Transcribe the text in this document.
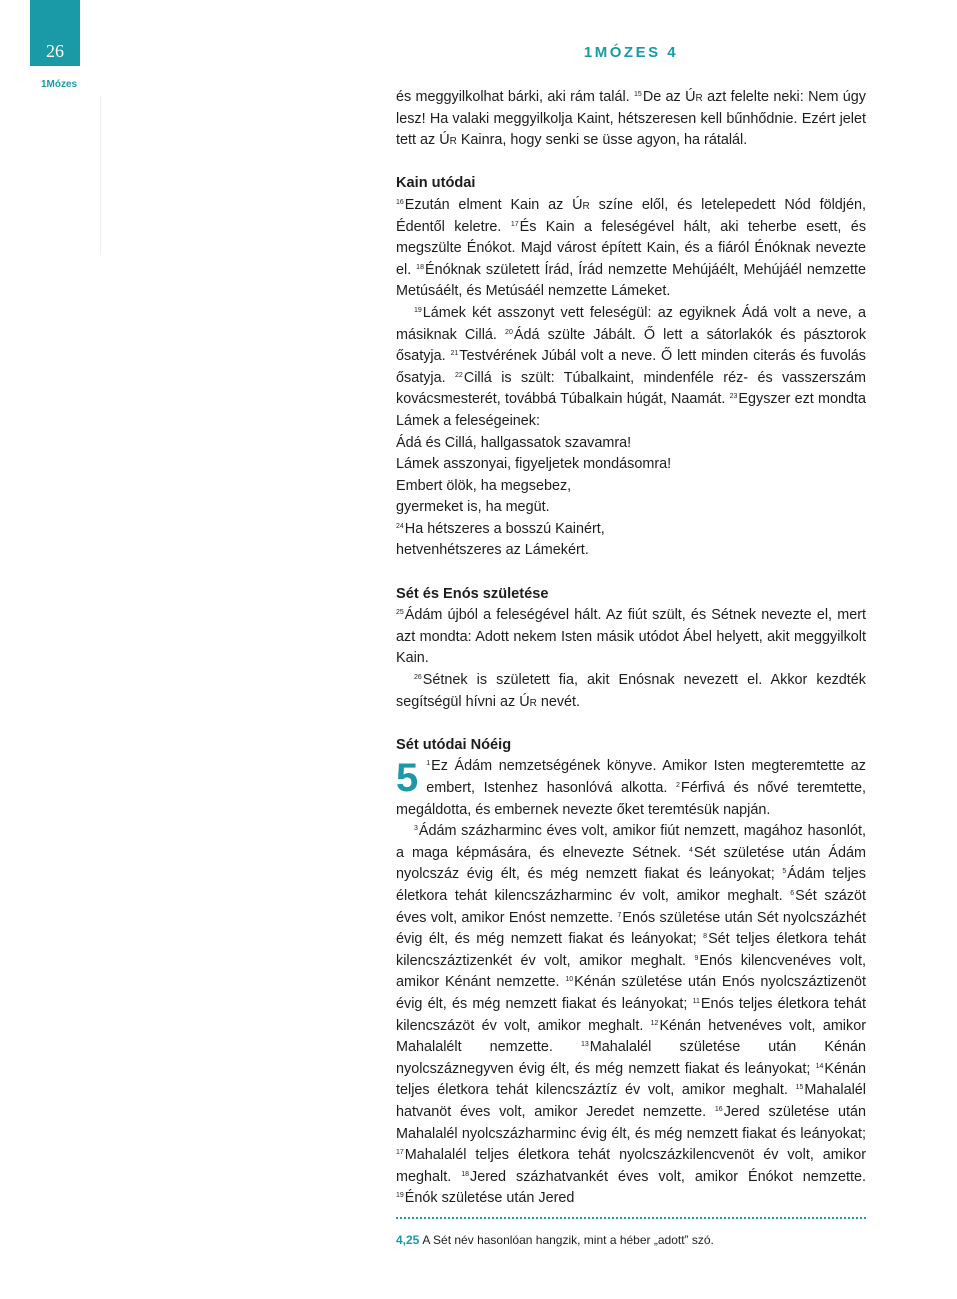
26
1Mózes
1MÓZES 4

és meggyilkolhat bárki, aki rám talál. $^{15}$De az Úr azt felelte neki: Nem úgy lesz! Ha valaki meggyilkolja Kaint, hétszeresen kell bűnhődnie. Ezért jelet tett az Úr Kainra, hogy senki se üsse agyon, ha rátalál.

Kain utódai

$^{16}$Ezután elment Kain az Úr színe elől, és letelepedett Nód földjén, Édentől keletre. $^{17}$És Kain a feleségével hált, aki teherbe esett, és megszülte Énókot. Majd várost épített Kain, és a fiáról Énóknak nevezte el. $^{18}$Énóknak született Írád, Írád nemzette Mehújáélt, Mehújáél nemzette Metúsáélt, és Metúsáél nemzette Lámeket.

$^{19}$Lámek két asszonyt vett feleségül: az egyiknek Ádá volt a neve, a másiknak Cillá. $^{20}$Ádá szülte Jábált. Ő lett a sátorlakók és pásztorok ősatyja. $^{21}$Testvérének Júbál volt a neve. Ő lett minden citerás és fuvolás ősatyja. $^{22}$Cillá is szült: Túbalkaint, mindenféle réz- és vasszerszám kovácsmesterét, továbbá Túbalkain húgát, Naamát. $^{23}$Egyszer ezt mondta Lámek a feleségeinek:

Ádá és Cillá, hallgassatok szavamra!
Lámek asszonyai, figyeljetek mondásomra!
Embert ölök, ha megsebez,
gyermeket is, ha megüt.
$^{24}$Ha hétszeres a bosszú Kainért,
hetvenhétszeres az Lámekért.
Sét és Enós születése

$^{25}$Ádám újból a feleségével hált. Az fiút szült, és Sétnek nevezte el, mert azt mondta: Adott nekem Isten másik utódot Ábel helyett, akit meggyilkolt Kain.

$^{26}$Sétnek is született fia, akit Enósnak nevezett el. Akkor kezdték segítségül hívni az Úr nevét.

Sét utódai Nóéig
5	$^1$Ez Ádám nemzetségének könyve. Amikor Isten megteremtette az embert, Istenhez hasonlóvá alkotta. $^2$Férfivá és nővé teremtette, megáldotta, és embernek nevezte őket teremtésük napján.

$^3$Ádám százharminc éves volt, amikor fiút nemzett, magához hasonlót, a maga képmására, és elnevezte Sétnek. $^4$Sét születése után Ádám nyolcszáz évig élt, és még nemzett fiakat és leányokat; $^5$Ádám teljes életkora tehát kilencszázharminc év volt, amikor meghalt. $^6$Sét százöt éves volt, amikor Enóst nemzette. $^7$Enós születése után Sét nyolcszázhét évig élt, és még nemzett fiakat és leányokat; $^8$Sét teljes életkora tehát kilencszáztizenkét év volt, amikor meghalt. $^9$Enós kilencvenéves volt, amikor Kénánt nemzette. $^{10}$Kénán születése után Enós nyolcszáztizenöt évig élt, és még nemzett fiakat és leányokat; $^{11}$Enós teljes életkora tehát kilencszázöt év volt, amikor meghalt. $^{12}$Kénán hetvenéves volt, amikor Mahalalélt nemzette.	$^{13}$Mahalalél születése után Kénán nyolcszáznegyven évig élt, és még nemzett fiakat és leányokat; $^{14}$Kénán teljes életkora tehát kilencszáztíz év volt, amikor meghalt. $^{15}$Mahalalél hatvanöt éves volt, amikor Jeredet nemzette. $^{16}$Jered születése után Mahalalél nyolcszázharminc évig élt, és még nemzett fiakat és leányokat; $^{17}$Mahalalél teljes életkora tehát nyolcszázkilencvenöt év volt, amikor meghalt. $^{18}$Jered százhatvankét éves volt, amikor Énókot nemzette. $^{19}$Énók születése után Jered

4,25 A Sét név hasonlóan hangzik, mint a héber „adott” szó.
